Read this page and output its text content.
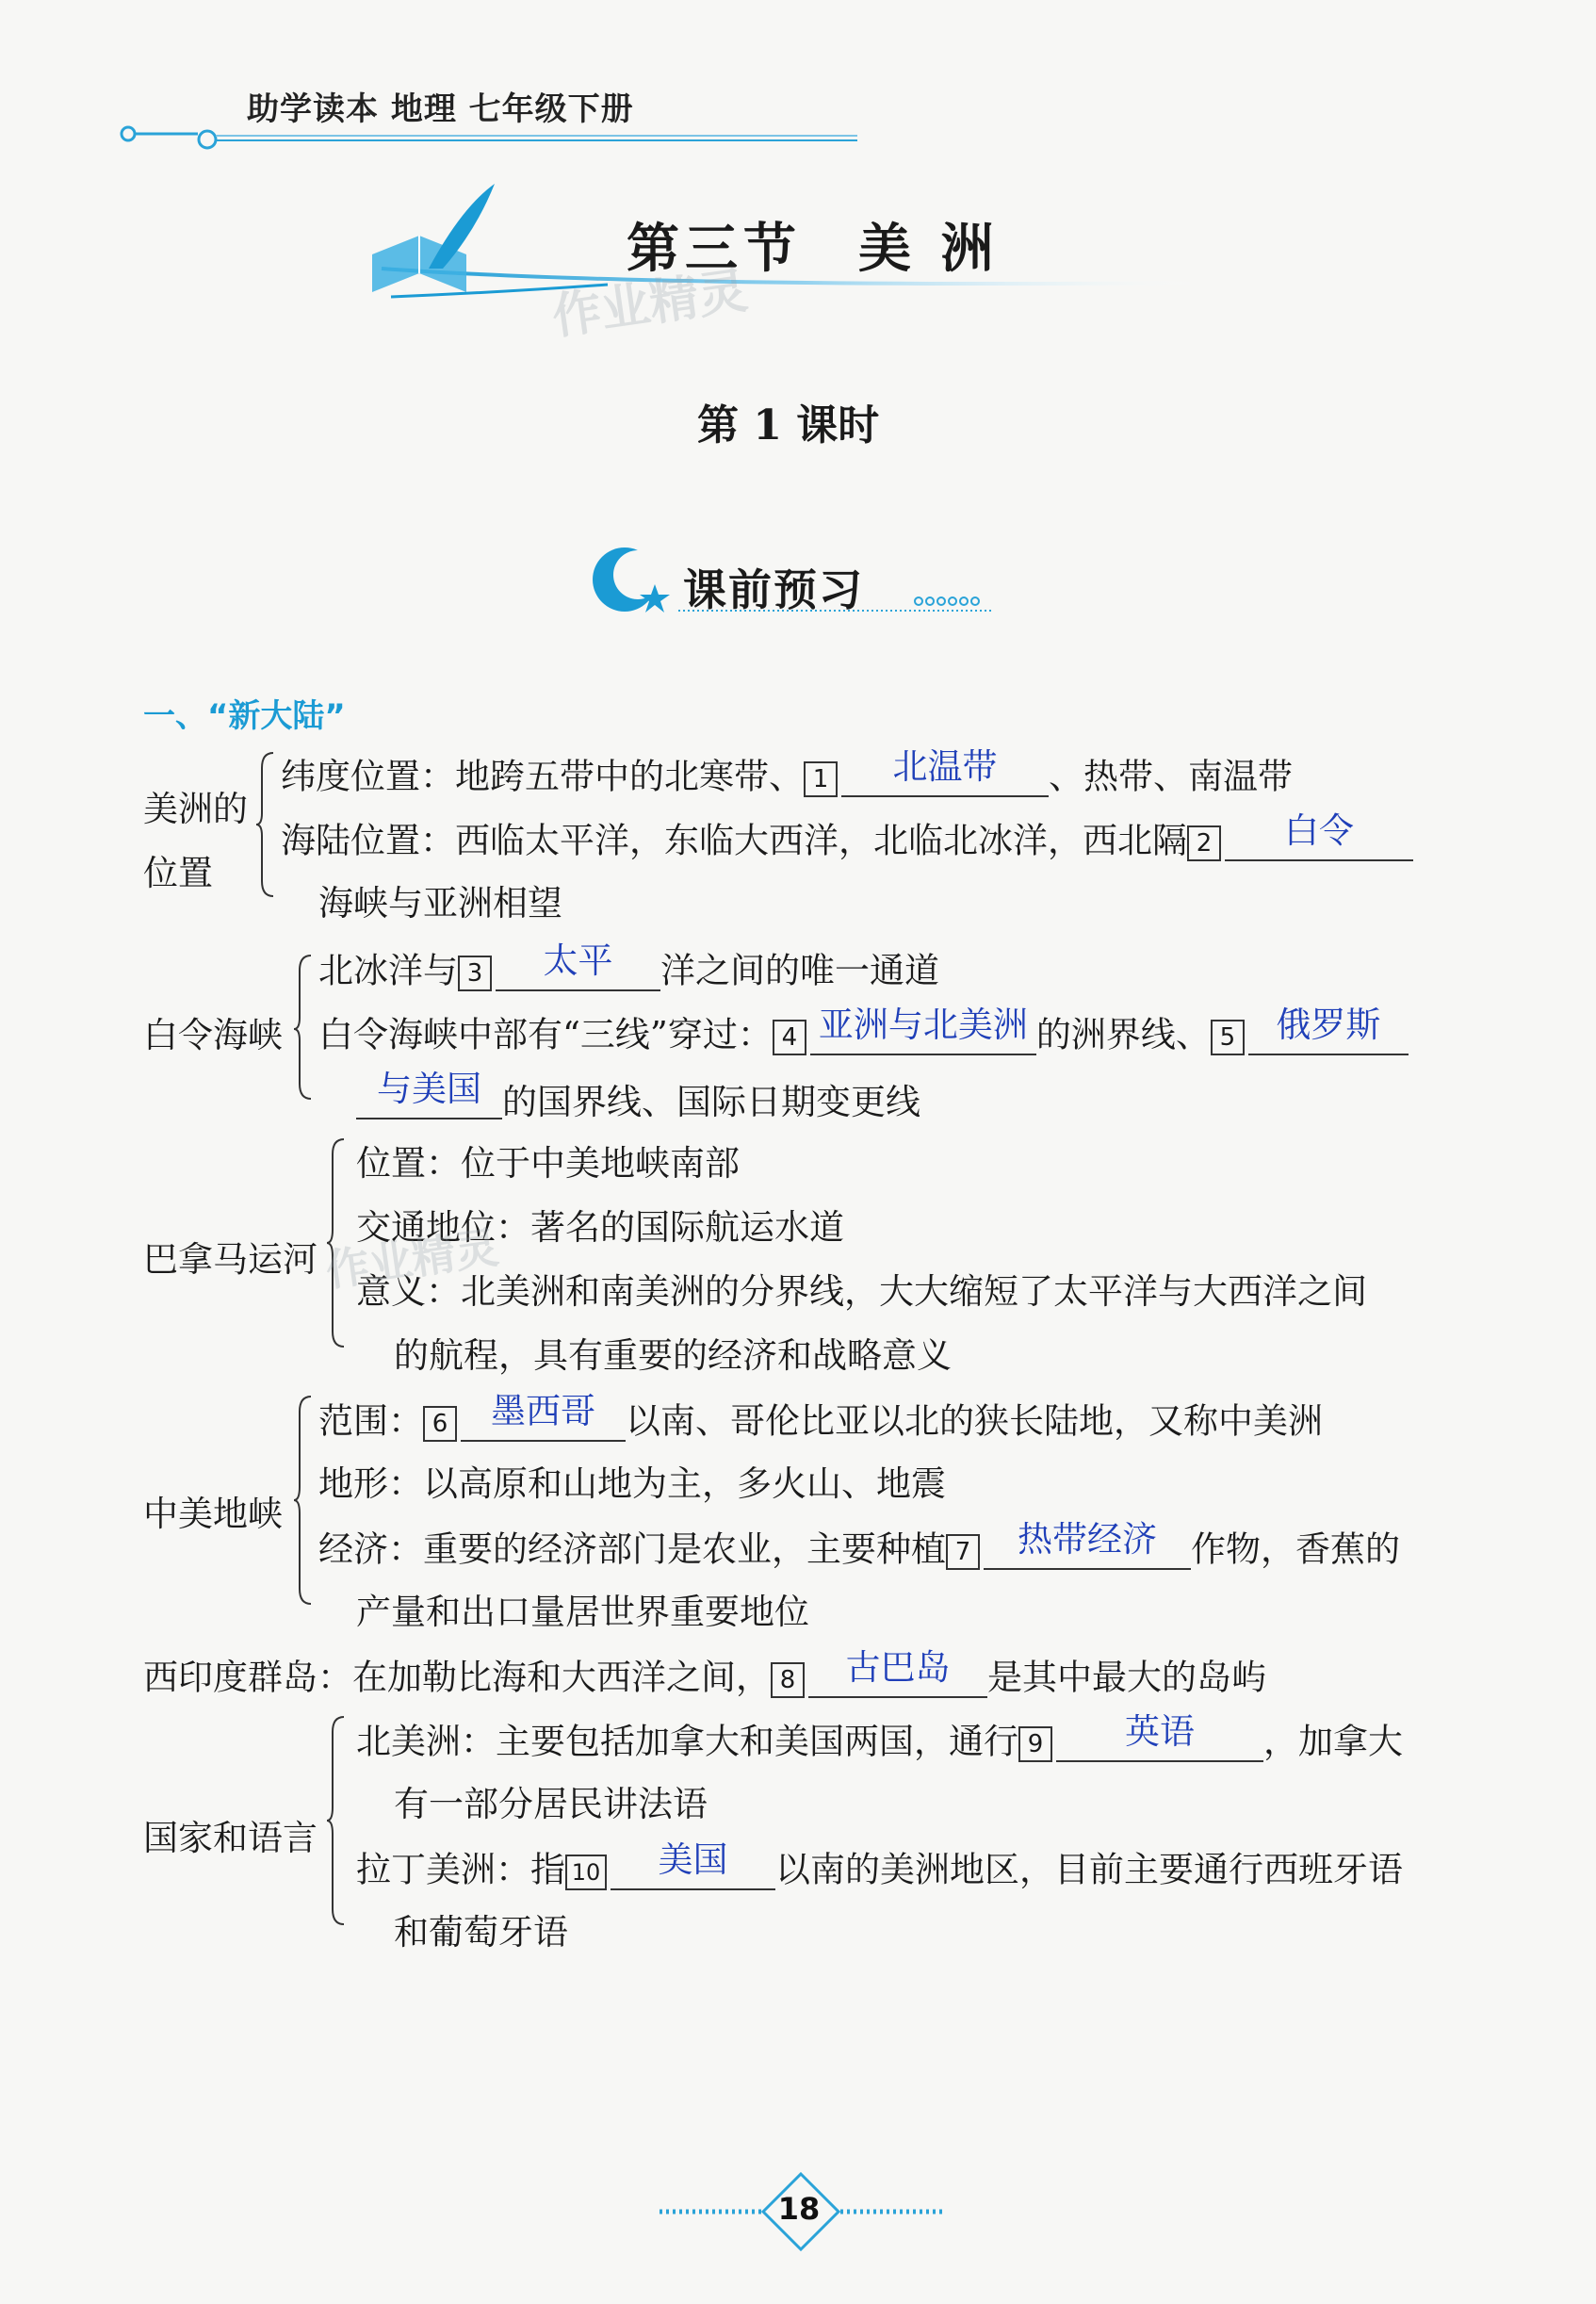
助学读本 地理 七年级下册
第三节 美 洲
作业精灵
第 1 课时
课前预习
一、“新大陆”
美洲的
位置
纬度位置：地跨五带中的北寒带、 1	北温带	、热带、南温带
海陆位置：西临太平洋，东临大西洋，北临北冰洋，西北隔 2	白令
海峡与亚洲相望
白令海峡
北冰洋与 3	太平	洋之间的唯一通道
白令海峡中部有“三线”穿过： 4 亚洲与北美洲 的洲界线、 5	俄罗斯
与美国 的国界线、国际日期变更线
巴拿马运河
位置：位于中美地峡南部
交通地位：著名的国际航运水道
意义：北美洲和南美洲的分界线，大大缩短了太平洋与大西洋之间
的航程，具有重要的经济和战略意义
作业精灵
中美地峡
范围： 6	墨西哥 以南、哥伦比亚以北的狭长陆地，又称中美洲
地形：以高原和山地为主，多火山、地震
经济：重要的经济部门是农业，主要种植 7	热带经济 作物，香蕉的
产量和出口量居世界重要地位
西印度群岛：在加勒比海和大西洋之间， 8	古巴岛	是其中最大的岛屿
国家和语言
北美洲：主要包括加拿大和美国两国，通行 9	英语	，加拿大
有一部分居民讲法语
拉丁美洲：指 10	美国	以南的美洲地区，目前主要通行西班牙语
和葡萄牙语
18
